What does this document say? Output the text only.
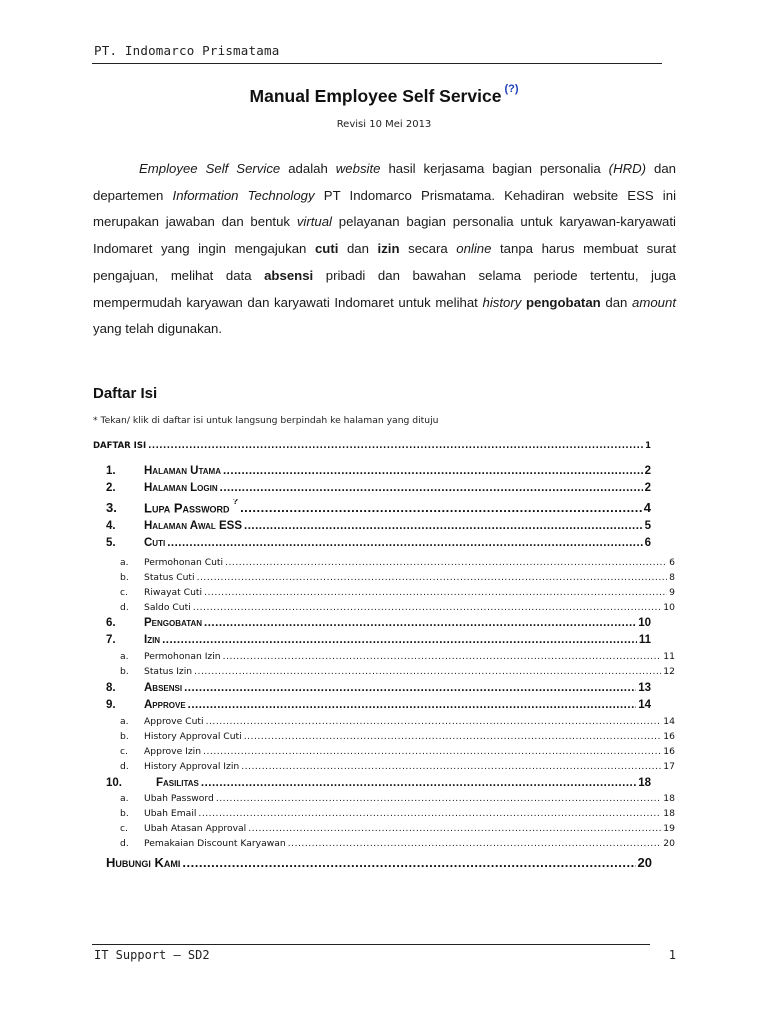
PT. Indomarco Prismatama
Manual Employee Self Service (?)
Revisi 10 Mei 2013
Employee Self Service adalah website hasil kerjasama bagian personalia (HRD) dan departemen Information Technology PT Indomarco Prismatama. Kehadiran website ESS ini merupakan jawaban dan bentuk virtual pelayanan bagian personalia untuk karyawan-karyawati Indomaret yang ingin mengajukan cuti dan izin secara online tanpa harus membuat surat pengajuan, melihat data absensi pribadi dan bawahan selama periode tertentu, juga mempermudah karyawan dan karyawati Indomaret untuk melihat history pengobatan dan amount yang telah digunakan.
Daftar Isi
* Tekan/ klik di daftar isi untuk langsung berpindah ke halaman yang dituju
DAFTAR ISI .....	1
1.	Halaman Utama .....	2
2.	Halaman Login .....	2
3.	Lupa Password ? .....	4
4.	Halaman Awal ESS .....	5
5.	Cuti .....	6
a.	Permohonan Cuti .....	6
b.	Status Cuti .....	8
c.	Riwayat Cuti .....	9
d.	Saldo Cuti .....	10
6.	Pengobatan .....	10
7.	Izin .....	11
a.	Permohonan Izin .....	11
b.	Status Izin .....	12
8.	Absensi .....	13
9.	Approve .....	14
a.	Approve Cuti .....	14
b.	History Approval Cuti .....	16
c.	Approve Izin .....	16
d.	History Approval Izin .....	17
10.	Fasilitas .....	18
a.	Ubah Password .....	18
b.	Ubah Email .....	18
c.	Ubah Atasan Approval .....	19
d.	Pemakaian Discount Karyawan .....	20
Hubungi Kami .....	20
IT Support – SD2	1
